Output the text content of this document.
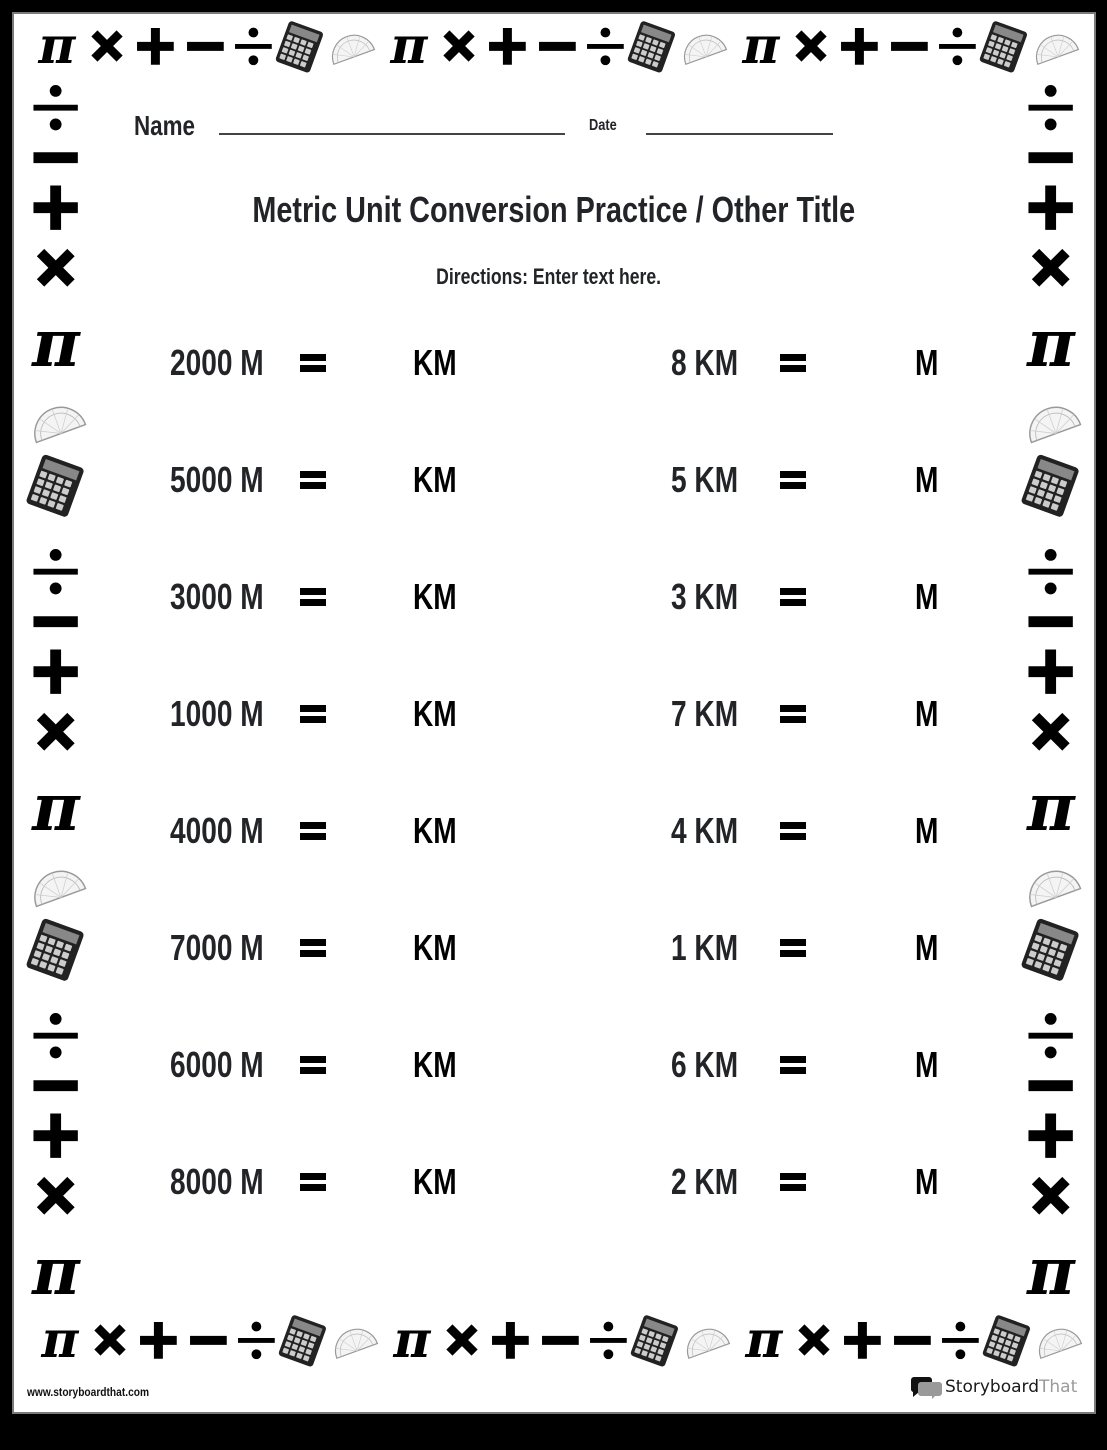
π
π
π
π
π
π
π	π
π	π
π	π
Name	Date
Metric Unit Conversion Practice / Other Title
Directions: Enter text here.
2000 M	KM	8 KM	M
5000 M	KM	5 KM	M
3000 M	KM	3 KM	M
1000 M	KM	7 KM	M
4000 M	KM	4 KM	M
7000 M	KM	1 KM	M
6000 M	KM	6 KM	M
8000 M	KM	2 KM	M
www.storyboardthat.com	Storyboard That
